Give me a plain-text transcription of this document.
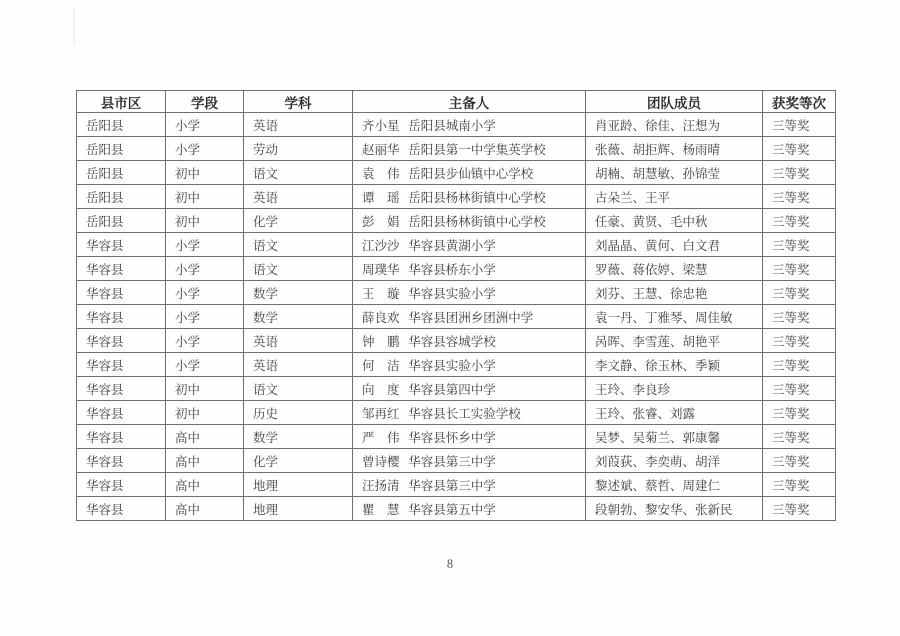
县市区	学段	学科	主备人	团队成员	获奖等次
岳阳县	小学	英语	齐小星 岳阳县城南小学	肖亚龄、徐佳、汪想为	三等奖
岳阳县	小学	劳动	赵丽华 岳阳县第一中学集英学校	张薇、胡拒辉、杨雨晴	三等奖
岳阳县	初中	语文	袁　伟 岳阳县步仙镇中心学校	胡楠、胡慧敏、孙锦莹	三等奖
岳阳县	初中	英语	谭　瑶 岳阳县杨林街镇中心学校	古朵兰、王平	三等奖
岳阳县	初中	化学	彭　娟 岳阳县杨林街镇中心学校	任豪、黄贤、毛中秋	三等奖
华容县	小学	语文	江沙沙 华容县黄湖小学	刘晶晶、黄何、白文君	三等奖
华容县	小学	语文	周璞华 华容县桥东小学	罗薇、蒋依婷、梁慧	三等奖
华容县	小学	数学	王　璇 华容县实验小学	刘芬、王慧、徐忠艳	三等奖
华容县	小学	数学	薛良欢 华容县团洲乡团洲中学	袁一丹、丁雅琴、周佳敏	三等奖
华容县	小学	英语	钟　鹏 华容县容城学校	呙晖、李雪莲、胡艳平	三等奖
华容县	小学	英语	何　洁 华容县实验小学	李文静、徐玉林、季颖	三等奖
华容县	初中	语文	向　度 华容县第四中学	王玲、李良珍	三等奖
华容县	初中	历史	邹再红 华容县长工实验学校	王玲、张睿、刘露	三等奖
华容县	高中	数学	严　伟 华容县怀乡中学	吴梦、吴菊兰、郭康馨	三等奖
华容县	高中	化学	曾诗樱 华容县第三中学	刘葭荻、李奕萌、胡洋	三等奖
华容县	高中	地理	汪扬清 华容县第三中学	黎述斌、蔡哲、周建仁	三等奖
华容县	高中	地理	瞿　慧 华容县第五中学	段朝勃、黎安华、张新民	三等奖
8
